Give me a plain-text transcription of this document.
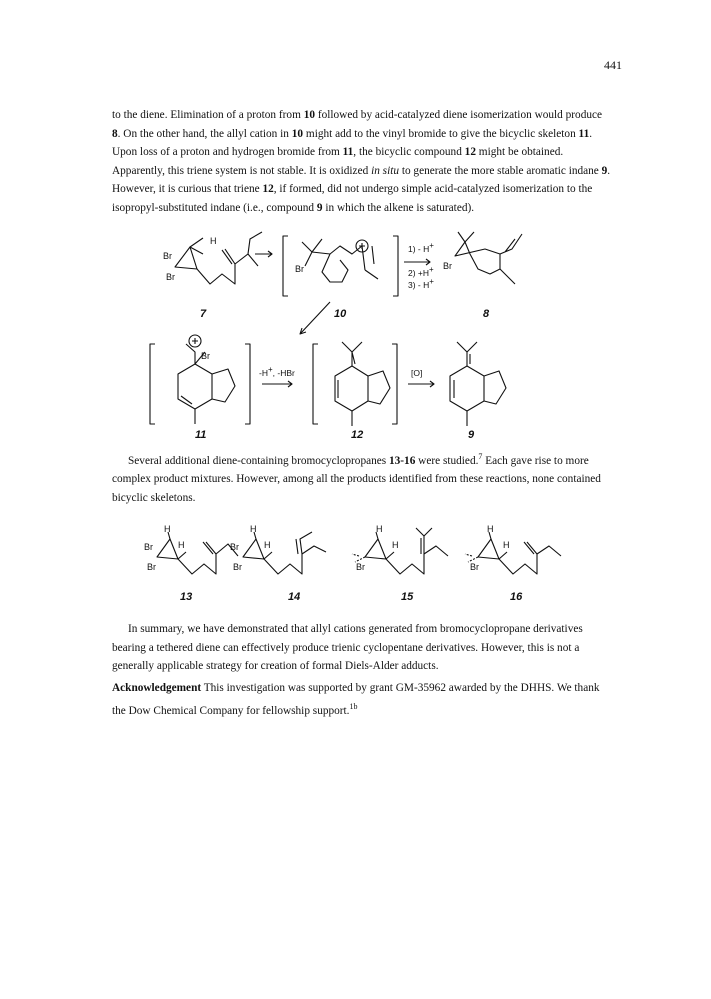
441

to the diene. Elimination of a proton from 10 followed by acid-catalyzed diene isomerization would produce 8. On the other hand, the allyl cation in 10 might add to the vinyl bromide to give the bicyclic skeleton 11. Upon loss of a proton and hydrogen bromide from 11, the bicyclic compound 12 might be obtained. Apparently, this triene system is not stable. It is oxidized in situ to generate the more stable aromatic indane 9. However, it is curious that triene 12, if formed, did not undergo simple acid-catalyzed isomerization to the isopropyl-substituted indane (i.e., compound 9 in which the alkene is saturated).

Br
Br
H
Br	Br
Br
1) - H+
2) +H+
3) - H+
-H+, -HBr	[O]
7	10	8
11	12	9

Several additional diene-containing bromocyclopropanes 13-16 were studied.$^7$ Each gave rise to more complex product mixtures. However, among all the products identified from these reactions, none contained bicyclic skeletons.

Br
Br
H
H	Br
Br
H
H
Br
H
H
Br
H
H
13	14	15	16

In summary, we have demonstrated that allyl cations generated from bromocyclopropane derivatives bearing a tethered diene can effectively produce trienic cyclopentane derivatives. However, this is not a generally applicable strategy for creation of formal Diels-Alder adducts.

Acknowledgement This investigation was supported by grant GM-35962 awarded by the DHHS. We thank the Dow Chemical Company for fellowship support.$^{1b}$
